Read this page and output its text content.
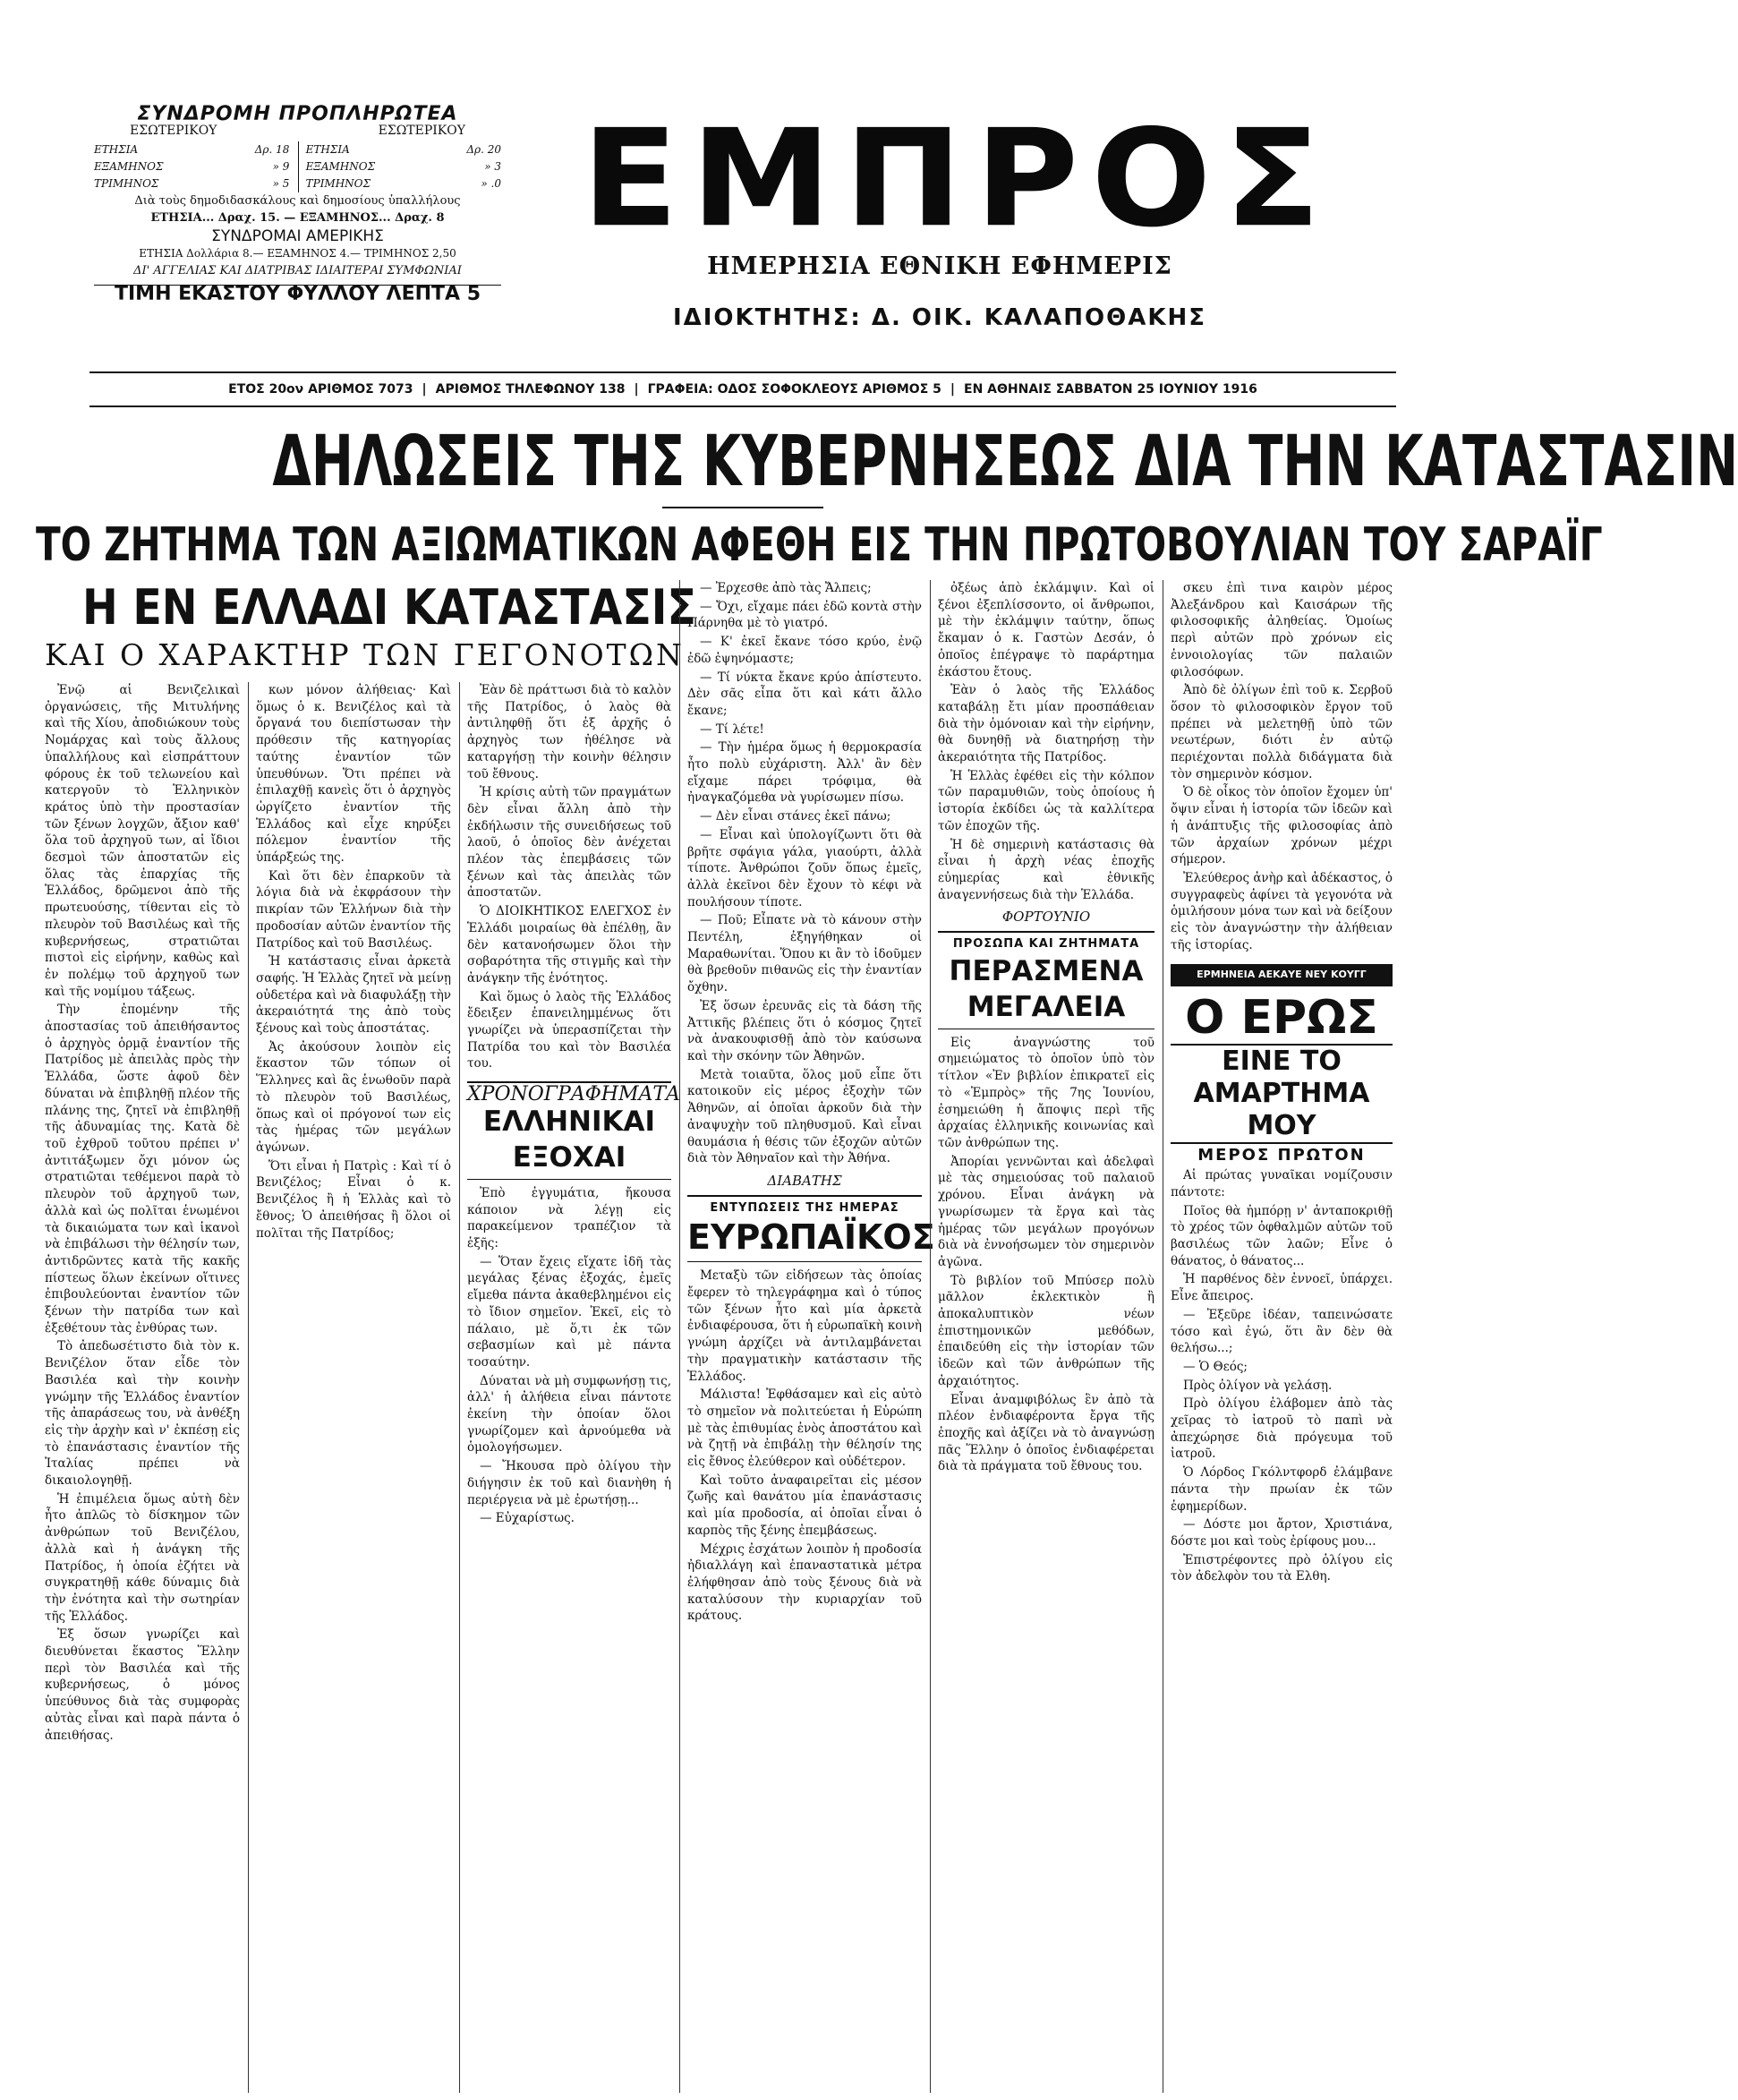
ΣΥΝΔΡΟΜΗ ΠΡΟΠΛΗΡΩΤΕΑ
ΕΣΩΤΕΡΙΚΟΥ	ΕΣΩΤΕΡΙΚΟΥ
ΕΤΗΣΙΑ	Δρ. 18
ΕΞΑΜΗΝΟΣ	» 9
ΤΡΙΜΗΝΟΣ	» 5
ΕΤΗΣΙΑ	Δρ. 20
ΕΞΑΜΗΝΟΣ	» 3
ΤΡΙΜΗΝΟΣ	» .0
Διὰ τοὺς δημοδιδασκάλους καὶ δημοσίους ὑπαλλήλους
ΕΤΗΣΙΑ... Δραχ. 15. — ΕΞΑΜΗΝΟΣ... Δραχ. 8
ΣΥΝΔΡΟΜΑΙ ΑΜΕΡΙΚΗΣ
ΕΤΗΣΙΑ Δολλάρια 8.— ΕΞΑΜΗΝΟΣ 4.— ΤΡΙΜΗΝΟΣ 2,50
ΔΙ' ΑΓΓΕΛΙΑΣ ΚΑΙ ΔΙΑΤΡΙΒΑΣ ΙΔΙΑΙΤΕΡΑΙ ΣΥΜΦΩΝΙΑΙ
ΤΙΜΗ ΕΚΑΣΤΟΥ ΦΥΛΛΟΥ ΛΕΠΤΑ 5
ΕΜΠΡΟΣ
ΗΜΕΡΗΣΙΑ ΕΘΝΙΚΗ ΕΦΗΜΕΡΙΣ
ΙΔΙΟΚΤΗΤΗΣ: Δ. ΟΙΚ. ΚΑΛΑΠΟΘΑΚΗΣ
ΕΤΟΣ 20ον ΑΡΙΘΜΟΣ 7073 | ΑΡΙΘΜΟΣ ΤΗΛΕΦΩΝΟΥ 138 | ΓΡΑΦΕΙΑ: ΟΔΟΣ ΣΟΦΟΚΛΕΟΥΣ ΑΡΙΘΜΟΣ 5 | ΕΝ ΑΘΗΝΑΙΣ ΣΑΒΒΑΤΟΝ 25 ΙΟΥΝΙΟΥ 1916
ΔΗΛΩΣΕΙΣ ΤΗΣ ΚΥΒΕΡΝΗΣΕΩΣ ΔΙΑ ΤΗΝ ΚΑΤΑΣΤΑΣΙΝ
ΤΟ ΖΗΤΗΜΑ ΤΩΝ ΑΞΙΩΜΑΤΙΚΩΝ ΑΦΕΘΗ ΕΙΣ ΤΗΝ ΠΡΩΤΟΒΟΥΛΙΑΝ ΤΟΥ ΣΑΡΑΪΓ
Η ΕΝ ΕΛΛΑΔΙ ΚΑΤΑΣΤΑΣΙΣ
ΚΑΙ Ο ΧΑΡΑΚΤΗΡ ΤΩΝ ΓΕΓΟΝΟΤΩΝ

Ἐνῷ αἱ Βενιζελικαὶ ὀργανώσεις, τῆς Μιτυλήνης καὶ τῆς Χίου, ἀποδιώκουν τοὺς Νομάρχας καὶ τοὺς ἄλλους ὑπαλλήλους καὶ εἰσπράττουν φόρους ἐκ τοῦ τελωνείου καὶ κατεργοῦν τὸ Ἑλληνικὸν κράτος ὑπὸ τὴν προστασίαν τῶν ξένων λογχῶν, ἄξιον καθ' ὅλα τοῦ ἀρχηγοῦ των, αἱ ἴδιοι δεσμοὶ τῶν ἀποστατῶν εἰς ὅλας τὰς ἐπαρχίας τῆς Ἑλλάδος, δρῶμενοι ἀπὸ τῆς πρωτευούσης, τίθενται εἰς τὸ πλευρὸν τοῦ Βασιλέως καὶ τῆς κυβερνήσεως, στρατιῶται πιστοὶ εἰς εἰρήνην, καθὼς καὶ ἐν πολέμῳ τοῦ ἀρχηγοῦ των καὶ τῆς νομίμου τάξεως.

Τὴν ἐπομένην τῆς ἀποστασίας τοῦ ἀπειθήσαντος ὁ ἀρχηγὸς ὁρμᾷ ἐναντίον τῆς Πατρίδος μὲ ἀπειλὰς πρὸς τὴν Ἑλλάδα, ὥστε ἀφοῦ δὲν δύναται νὰ ἐπιβληθῇ πλέον τῆς πλάνης της, ζητεῖ νὰ ἐπιβληθῇ τῆς ἀδυναμίας της. Κατὰ δὲ τοῦ ἐχθροῦ τοῦτου πρέπει ν' ἀντιτάξωμεν ὄχι μόνον ὡς στρατιῶται τεθέμενοι παρὰ τὸ πλευρὸν τοῦ ἀρχηγοῦ των, ἀλλὰ καὶ ὡς πολῖται ἑνωμένοι τὰ δικαιώματα των καὶ ἱκανοὶ νὰ ἐπιβάλωσι τὴν θέλησίν των, ἀντιδρῶντες κατὰ τῆς κακῆς πίστεως ὅλων ἐκείνων οἵτινες ἐπιβουλεύονται ἐναντίον τῶν ξένων τὴν πατρίδα των καὶ ἐξεθέτουν τὰς ἐνθύρας των.

Τὸ ἀπεδωσέτιστο διὰ τὸν κ. Βενιζέλον ὅταν εἶδε τὸν Βασιλέα καὶ τὴν κοινὴν γνώμην τῆς Ἑλλάδος ἐναντίον τῆς ἀπαράσεως του, νὰ ἀνθέξη εἰς τὴν ἀρχὴν καὶ ν' ἐκπέσῃ εἰς τὸ ἐπανάστασις ἐναντίον τῆς Ἰταλίας πρέπει νὰ δικαιολογηθῇ.

Ἡ ἐπιμέλεια ὅμως αὐτὴ δὲν ἦτο ἁπλῶς τὸ δίσκημον τῶν ἀνθρώπων τοῦ Βενιζέλου, ἀλλὰ καὶ ἡ ἀνάγκη τῆς Πατρίδος, ἡ ὁποία ἐζήτει νὰ συγκρατηθῇ κάθε δύναμις διὰ τὴν ἐνότητα καὶ τὴν σωτηρίαν τῆς Ἑλλάδος.

Ἐξ ὅσων γνωρίζει καὶ διευθύνεται ἕκαστος Ἕλλην περὶ τὸν Βασιλέα καὶ τῆς κυβερνήσεως, ὁ μόνος ὑπεύθυνος διὰ τὰς συμφορὰς αὐτὰς εἶναι καὶ παρὰ πάντα ὁ ἀπειθήσας.

κων μόνον ἀλήθειας· Καὶ ὅμως ὁ κ. Βενιζέλος καὶ τὰ ὄργανά του διεπίστωσαν τὴν πρόθεσιν τῆς κατηγορίας ταύτης ἐναντίον τῶν ὑπευθύνων. Ὅτι πρέπει νὰ ἐπιλαχθῇ κανεὶς ὅτι ὁ ἀρχηγὸς ὠργίζετο ἐναντίον τῆς Ἑλλάδος καὶ εἶχε κηρύξει πόλεμον ἐναντίον τῆς ὑπάρξεώς της.

Καὶ ὅτι δὲν ἐπαρκοῦν τὰ λόγια διὰ νὰ ἐκφράσουν τὴν πικρίαν τῶν Ἑλλήνων διὰ τὴν προδοσίαν αὐτῶν ἐναντίον τῆς Πατρίδος καὶ τοῦ Βασιλέως.

Ἡ κατάστασις εἶναι ἀρκετὰ σαφής. Ἡ Ἑλλὰς ζητεῖ νὰ μείνῃ οὐδετέρα καὶ νὰ διαφυλάξῃ τὴν ἀκεραιότητά της ἀπὸ τοὺς ξένους καὶ τοὺς ἀποστάτας.

Ἀς ἀκούσουν λοιπὸν εἰς ἕκαστον τῶν τόπων οἱ Ἕλληνες καὶ ἃς ἑνωθοῦν παρὰ τὸ πλευρὸν τοῦ Βασιλέως, ὅπως καὶ οἱ πρόγονοί των εἰς τὰς ἡμέρας τῶν μεγάλων ἀγώνων.

Ὅτι εἶναι ἡ Πατρὶς : Καὶ τί ὁ Βενιζέλος; Εἶναι ὁ κ. Βενιζέλος ἢ ἡ Ἑλλὰς καὶ τὸ ἔθνος; Ὁ ἀπειθήσας ἢ ὅλοι οἱ πολῖται τῆς Πατρίδος;

Ἐὰν δὲ πράττωσι διὰ τὸ καλὸν τῆς Πατρίδος, ὁ λαὸς θὰ ἀντιληφθῇ ὅτι ἐξ ἀρχῆς ὁ ἀρχηγὸς των ἠθέλησε νὰ καταργήσῃ τὴν κοινὴν θέλησιν τοῦ ἔθνους.

Ἡ κρίσις αὐτὴ τῶν πραγμάτων δὲν εἶναι ἄλλη ἀπὸ τὴν ἐκδήλωσιν τῆς συνειδήσεως τοῦ λαοῦ, ὁ ὁποῖος δὲν ἀνέχεται πλέον τὰς ἐπεμβάσεις τῶν ξένων καὶ τὰς ἀπειλὰς τῶν ἀποστατῶν.

Ὁ ΔΙΟΙΚΗΤΙΚΟΣ ΕΛΕΓΧΟΣ ἐν Ἑλλάδι μοιραίως θὰ ἐπέλθῃ, ἂν δὲν κατανοήσωμεν ὅλοι τὴν σοβαρότητα τῆς στιγμῆς καὶ τὴν ἀνάγκην τῆς ἑνότητος.

Καὶ ὅμως ὁ λαὸς τῆς Ἑλλάδος ἔδειξεν ἐπανειλημμένως ὅτι γνωρίζει νὰ ὑπερασπίζεται τὴν Πατρίδα του καὶ τὸν Βασιλέα του.

ΧΡΟΝΟΓΡΑΦΗΜΑΤΑ
ΕΛΛΗΝΙΚΑΙ ΕΞΟΧΑΙ

Ἐπὸ ἐγγυμάτια, ἤκουσα κάποιον νὰ λέγῃ εἰς παρακείμενον τραπέζιον τὰ ἑξῆς:

— Ὅταν ἔχεις εἴχατε ἰδῆ τὰς μεγάλας ξένας ἐξοχάς, ἐμεῖς εἴμεθα πάντα ἀκαθεβλημένοι εἰς τὸ ἴδιον σημεῖον. Ἐκεῖ, εἰς τὸ πάλαιο, μὲ ὅ,τι ἐκ τῶν σεβασμίων καὶ μὲ πάντα τοσαύτην.

Δύναται νὰ μὴ συμφωνήσῃ τις, ἀλλ' ἡ ἀλήθεια εἶναι πάντοτε ἐκείνη τὴν ὁποίαν ὅλοι γνωρίζομεν καὶ ἀρνούμεθα νὰ ὁμολογήσωμεν.

— Ἤκουσα πρὸ ὀλίγου τὴν διήγησιν ἐκ τοῦ καὶ διανὴθη ἡ περιέργεια νὰ μὲ ἐρωτήσῃ...

— Εὐχαρίστως.

— Ἐρχεσθε ἀπὸ τὰς Ἄλπεις;

— Ὄχι, εἴχαμε πάει ἐδῶ κοντὰ στὴν Πάρνηθα μὲ τὸ γιατρό.

— Κ' ἐκεῖ ἔκανε τόσο κρύο, ἐνῷ ἐδῶ ἐψηνόμαστε;

— Τί νύκτα ἔκανε κρύο ἀπίστευτο. Δὲν σᾶς εἶπα ὅτι καὶ κάτι ἄλλο ἔκανε;

— Τί λέτε!

— Τὴν ἡμέρα ὅμως ἡ θερμοκρασία ἦτο πολὺ εὐχάριστη. Ἀλλ' ἂν δὲν εἴχαμε πάρει τρόφιμα, θὰ ἠναγκαζόμεθα νὰ γυρίσωμεν πίσω.

— Δὲν εἶναι στάνες ἐκεῖ πάνω;

— Εἶναι καὶ ὑπολογίζωντι ὅτι θὰ βρῆτε σφάγια γάλα, γιαούρτι, ἀλλὰ τίποτε. Ἀνθρώποι ζοῦν ὅπως ἐμεῖς, ἀλλὰ ἐκεῖνοι δὲν ἔχουν τὸ κέφι νὰ πουλήσουν τίποτε.

— Ποῦ; Εἶπατε νὰ τὸ κάνουν στὴν Πεντέλη, ἐξηγήθηκαν οἱ Μαραθωνίται. Ὅπου κι ἂν τὸ ἰδοῦμεν θὰ βρεθοῦν πιθανῶς εἰς τὴν ἐναντίαν ὄχθην.

Ἐξ ὅσων ἐρευνᾶς εἰς τὰ δάση τῆς Ἀττικῆς βλέπεις ὅτι ὁ κόσμος ζητεῖ νὰ ἀνακουφισθῇ ἀπὸ τὸν καύσωνα καὶ τὴν σκόνην τῶν Ἀθηνῶν.

Μετὰ τοιαῦτα, ὅλος μοῦ εἶπε ὅτι κατοικοῦν εἰς μέρος ἐξοχὴν τῶν Ἀθηνῶν, αἱ ὁποῖαι ἀρκοῦν διὰ τὴν ἀναψυχὴν τοῦ πληθυσμοῦ. Καὶ εἶναι θαυμάσια ἡ θέσις τῶν ἐξοχῶν αὐτῶν διὰ τὸν Ἀθηναῖον καὶ τὴν Ἀθήνα.

ΔΙΑΒΑΤΗΣ
ΕΝΤΥΠΩΣΕΙΣ ΤΗΣ ΗΜΕΡΑΣ
ΕΥΡΩΠΑΪΚΟΣ

Μεταξὺ τῶν εἰδήσεων τὰς ὁποίας ἔφερεν τὸ τηλεγράφημα καὶ ὁ τύπος τῶν ξένων ἦτο καὶ μία ἀρκετὰ ἐνδιαφέρουσα, ὅτι ἡ εὐρωπαϊκὴ κοινὴ γνώμη ἀρχίζει νὰ ἀντιλαμβάνεται τὴν πραγματικὴν κατάστασιν τῆς Ἑλλάδος.

Μάλιστα! Ἐφθάσαμεν καὶ εἰς αὐτὸ τὸ σημεῖον νὰ πολιτεύεται ἡ Εὐρώπη μὲ τὰς ἐπιθυμίας ἑνὸς ἀποστάτου καὶ νὰ ζητῇ νὰ ἐπιβάλῃ τὴν θέλησίν της εἰς ἔθνος ἐλεύθερον καὶ οὐδέτερον.

Καὶ τοῦτο ἀναφαιρεῖται εἰς μέσον ζωῆς καὶ θανάτου μία ἐπανάστασις καὶ μία προδοσία, αἱ ὁποῖαι εἶναι ὁ καρπὸς τῆς ξένης ἐπεμβάσεως.

Μέχρις ἐσχάτων λοιπὸν ἡ προδοσία ἠδιαλλάγη καὶ ἐπαναστατικὰ μέτρα ἐλήφθησαν ἀπὸ τοὺς ξένους διὰ νὰ καταλύσουν τὴν κυριαρχίαν τοῦ κράτους.

ὀξέως ἀπὸ ἐκλάμψιν. Καὶ οἱ ξένοι ἐξεπλίσσοντο, οἱ ἄνθρωποι, μὲ τὴν ἐκλάμψιν ταύτην, ὅπως ἔκαμαν ὁ κ. Γαστὼν Δεσάν, ὁ ὁποῖος ἐπέγραψε τὸ παράρτημα ἑκάστου ἔτους.

Ἐὰν ὁ λαὸς τῆς Ἑλλάδος καταβάλῃ ἔτι μίαν προσπάθειαν διὰ τὴν ὁμόνοιαν καὶ τὴν εἰρήνην, θὰ δυνηθῇ νὰ διατηρήσῃ τὴν ἀκεραιότητα τῆς Πατρίδος.

Ἡ Ἑλλὰς ἐφέθει εἰς τὴν κόλπον τῶν παραμυθιῶν, τοὺς ὁποίους ἡ ἱστορία ἐκδίδει ὡς τὰ καλλίτερα τῶν ἐποχῶν τῆς.

Ἡ δὲ σημερινὴ κατάστασις θὰ εἶναι ἡ ἀρχὴ νέας ἐποχῆς εὐημερίας καὶ ἐθνικῆς ἀναγεννήσεως διὰ τὴν Ἑλλάδα.

ΦΟΡΤΟΥΝΙΟ
ΠΡΟΣΩΠΑ ΚΑΙ ΖΗΤΗΜΑΤΑ
ΠΕΡΑΣΜΕΝΑ ΜΕΓΑΛΕΙΑ

Εἰς ἀναγνώστης τοῦ σημειώματος τὸ ὁποῖον ὑπὸ τὸν τίτλον «Ἐν βιβλίον ἐπικρατεῖ εἰς τὸ «Ἐμπρὸς» τῆς 7ης Ἰουνίου, ἐσημειώθη ἡ ἄποψις περὶ τῆς ἀρχαίας ἐλληνικῆς κοινωνίας καὶ τῶν ἀνθρώπων της.

Ἀπορίαι γεννῶνται καὶ ἀδελφαὶ μὲ τὰς σημειούσας τοῦ παλαιοῦ χρόνου. Εἶναι ἀνάγκη νὰ γνωρίσωμεν τὰ ἔργα καὶ τὰς ἡμέρας τῶν μεγάλων προγόνων διὰ νὰ ἐννοήσωμεν τὸν σημερινὸν ἀγῶνα.

Τὸ βιβλίον τοῦ Μπύσερ πολὺ μᾶλλον ἐκλεκτικὸν ἢ ἀποκαλυπτικὸν νέων ἐπιστημονικῶν μεθόδων, ἐπαιδεύθη εἰς τὴν ἱστορίαν τῶν ἰδεῶν καὶ τῶν ἀνθρώπων τῆς ἀρχαιότητος.

Εἶναι ἀναμφιβόλως ἓν ἀπὸ τὰ πλέον ἐνδιαφέροντα ἔργα τῆς ἐποχῆς καὶ ἀξίζει νὰ τὸ ἀναγνώσῃ πᾶς Ἕλλην ὁ ὁποῖος ἐνδιαφέρεται διὰ τὰ πράγματα τοῦ ἔθνους του.

σκευ ἐπὶ τινα καιρὸν μέρος Ἀλεξάνδρου καὶ Καισάρων τῆς φιλοσοφικῆς ἀληθείας. Ὁμοίως περὶ αὐτῶν πρὸ χρόνων εἰς ἐννοιολογίας τῶν παλαιῶν φιλοσόφων.

Ἀπὸ δὲ ὀλίγων ἐπὶ τοῦ κ. Σερβοῦ ὅσον τὸ φιλοσοφικὸν ἔργον τοῦ πρέπει νὰ μελετηθῇ ὑπὸ τῶν νεωτέρων, διότι ἐν αὐτῷ περιέχονται πολλὰ διδάγματα διὰ τὸν σημερινὸν κόσμον.

Ὁ δὲ οἶκος τὸν ὁποῖον ἔχομεν ὑπ' ὄψιν εἶναι ἡ ἱστορία τῶν ἰδεῶν καὶ ἡ ἀνάπτυξις τῆς φιλοσοφίας ἀπὸ τῶν ἀρχαίων χρόνων μέχρι σήμερον.

Ἐλεύθερος ἀνὴρ καὶ ἀδέκαστος, ὁ συγγραφεὺς ἀφίνει τὰ γεγονότα νὰ ὁμιλήσουν μόνα των καὶ νὰ δείξουν εἰς τὸν ἀναγνώστην τὴν ἀλήθειαν τῆς ἱστορίας.

ΕΡΜΗΝΕΙΑ ΑΕΚΑΥΕ ΝΕΥ ΚΟΥΓΓ
Ο ΕΡΩΣ
ΕΙΝΕ ΤΟ ΑΜΑΡΤΗΜΑ ΜΟΥ
ΜΕΡΟΣ ΠΡΩΤΟΝ

Αἱ πρώτας γυναῖκαι νομίζουσιν πάντοτε:

Ποῖος θὰ ἠμπόρῃ ν' ἀνταποκριθῇ τὸ χρέος τῶν ὀφθαλμῶν αὐτῶν τοῦ βασιλέως τῶν λαῶν; Εἶνε ὁ θάνατος, ὁ θάνατος...

Ἡ παρθένος δὲν ἐννοεῖ, ὑπάρχει. Εἶνε ἄπειρος.

— Ἐξεῦρε ἰδέαν, ταπεινώσατε τόσο καὶ ἐγώ, ὅτι ἂν δὲν θὰ θελήσω...;

— Ὁ Θεός;

Πρὸς ὀλίγον νὰ γελάσῃ.

Πρὸ ὀλίγου ἐλάβομεν ἀπὸ τὰς χεῖρας τὸ ἰατροῦ τὸ παπὶ νὰ ἀπεχώρησε διὰ πρόγευμα τοῦ ἰατροῦ.

Ὁ Λόρδος Γκόλντφορδ ἐλάμβανε πάντα τὴν πρωίαν ἐκ τῶν ἐφημερίδων.

— Δόστε μοι ἄρτον, Χριστιάνα, δόστε μοι καὶ τοὺς ἐρίφους μου...

Ἐπιστρέφοντες πρὸ ὀλίγου εἰς τὸν ἀδελφὸν του τὰ Ελθη.
